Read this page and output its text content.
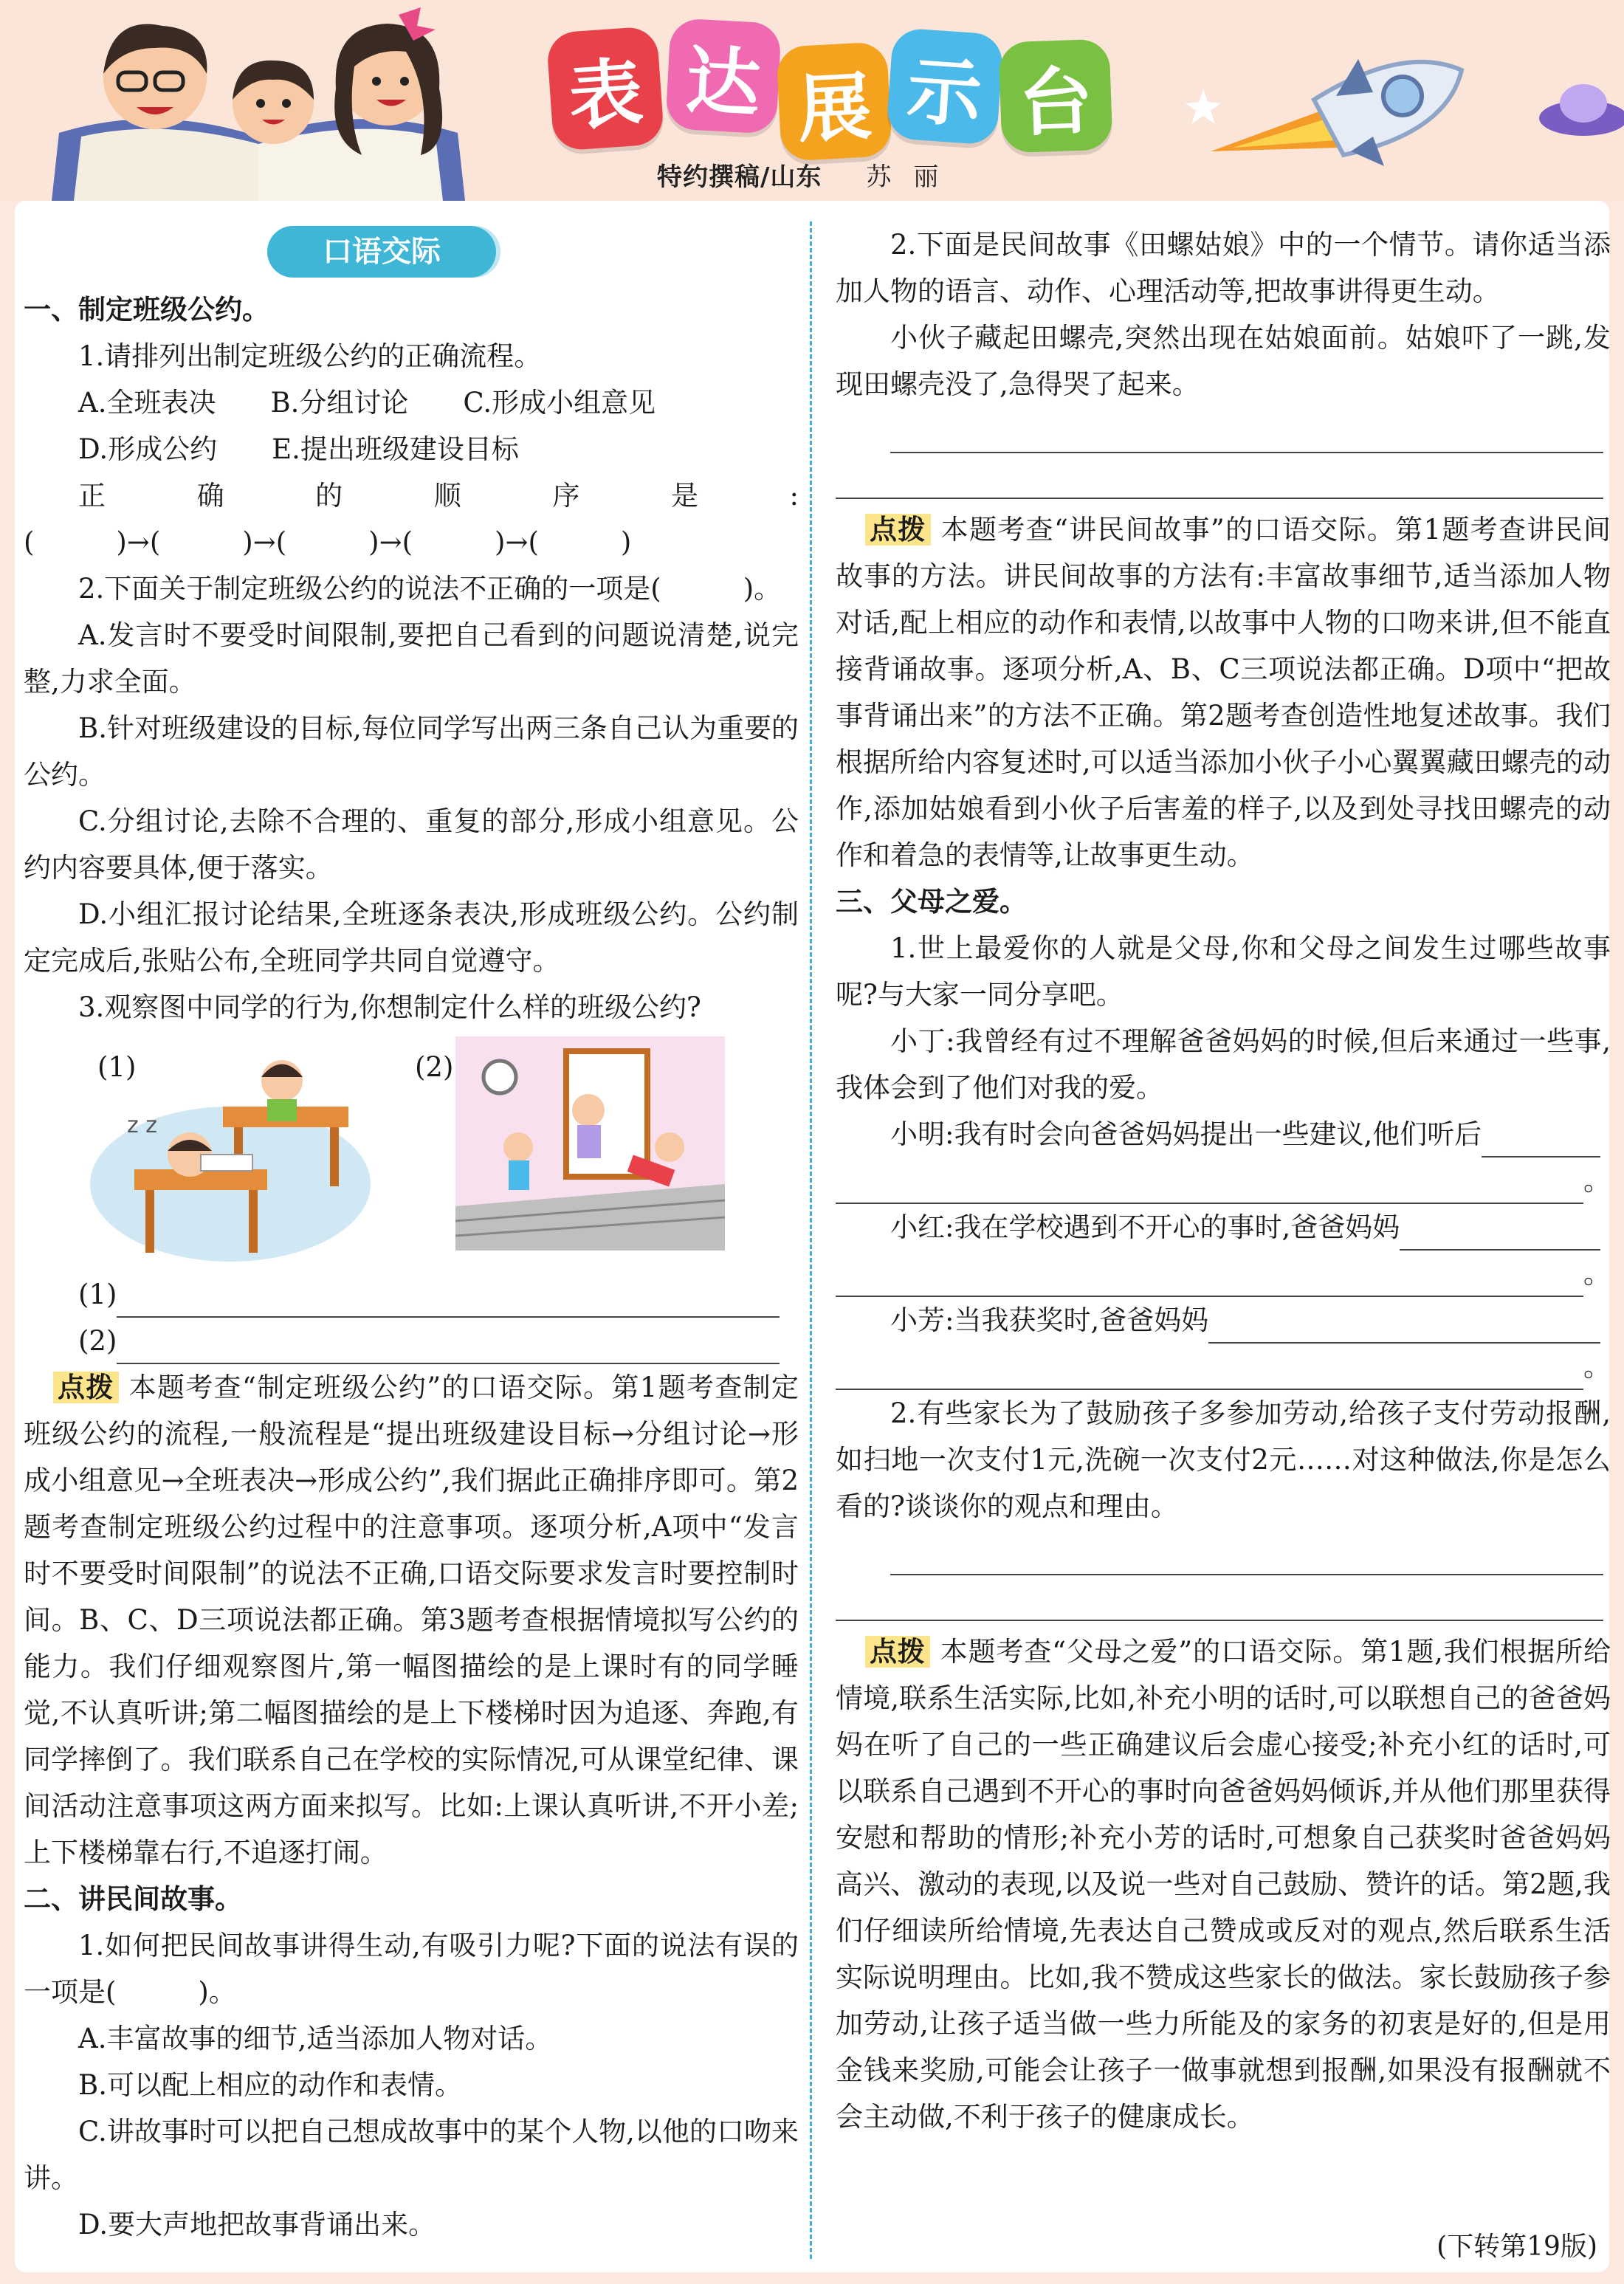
表 达 展 示 台
特约撰稿/山东 苏丽
口语交际

一、制定班级公约。

1.请排列出制定班级公约的正确流程。

A.全班表决　　B.分组讨论　　C.形成小组意见

D.形成公约　　E.提出班级建设目标

正确的顺序是:(　　　)→(　　　)→(　　　)→(　　　)→(　　　)

2.下面关于制定班级公约的说法不正确的一项是(　　　)。

A.发言时不要受时间限制,要把自己看到的问题说清楚,说完整,力求全面。

B.针对班级建设的目标,每位同学写出两三条自己认为重要的公约。

C.分组讨论,去除不合理的、重复的部分,形成小组意见。公约内容要具体,便于落实。

D.小组汇报讨论结果,全班逐条表决,形成班级公约。公约制定完成后,张贴公布,全班同学共同自觉遵守。

3.观察图中同学的行为,你想制定什么样的班级公约?

(1)
z z
(2)
(1)
(2)

点拨 本题考查“制定班级公约”的口语交际。第1题考查制定班级公约的流程,一般流程是“提出班级建设目标→分组讨论→形成小组意见→全班表决→形成公约”,我们据此正确排序即可。第2题考查制定班级公约过程中的注意事项。逐项分析,A项中“发言时不要受时间限制”的说法不正确,口语交际要求发言时要控制时间。B、C、D三项说法都正确。第3题考查根据情境拟写公约的能力。我们仔细观察图片,第一幅图描绘的是上课时有的同学睡觉,不认真听讲;第二幅图描绘的是上下楼梯时因为追逐、奔跑,有同学摔倒了。我们联系自己在学校的实际情况,可从课堂纪律、课间活动注意事项这两方面来拟写。比如:上课认真听讲,不开小差;上下楼梯靠右行,不追逐打闹。

二、讲民间故事。

1.如何把民间故事讲得生动,有吸引力呢?下面的说法有误的一项是(　　　)。

A.丰富故事的细节,适当添加人物对话。

B.可以配上相应的动作和表情。

C.讲故事时可以把自己想成故事中的某个人物,以他的口吻来讲。

D.要大声地把故事背诵出来。

2.下面是民间故事《田螺姑娘》中的一个情节。请你适当添加人物的语言、动作、心理活动等,把故事讲得更生动。

小伙子藏起田螺壳,突然出现在姑娘面前。姑娘吓了一跳,发现田螺壳没了,急得哭了起来。

点拨 本题考查“讲民间故事”的口语交际。第1题考查讲民间故事的方法。讲民间故事的方法有:丰富故事细节,适当添加人物对话,配上相应的动作和表情,以故事中人物的口吻来讲,但不能直接背诵故事。逐项分析,A、B、C三项说法都正确。D项中“把故事背诵出来”的方法不正确。第2题考查创造性地复述故事。我们根据所给内容复述时,可以适当添加小伙子小心翼翼藏田螺壳的动作,添加姑娘看到小伙子后害羞的样子,以及到处寻找田螺壳的动作和着急的表情等,让故事更生动。

三、父母之爱。

1.世上最爱你的人就是父母,你和父母之间发生过哪些故事呢?与大家一同分享吧。

小丁:我曾经有过不理解爸爸妈妈的时候,但后来通过一些事,我体会到了他们对我的爱。

小明:我有时会向爸爸妈妈提出一些建议,他们听后
。
小红:我在学校遇到不开心的事时,爸爸妈妈
。
小芳:当我获奖时,爸爸妈妈
。

2.有些家长为了鼓励孩子多参加劳动,给孩子支付劳动报酬,如扫地一次支付1元,洗碗一次支付2元……对这种做法,你是怎么看的?谈谈你的观点和理由。

点拨 本题考查“父母之爱”的口语交际。第1题,我们根据所给情境,联系生活实际,比如,补充小明的话时,可以联想自己的爸爸妈妈在听了自己的一些正确建议后会虚心接受;补充小红的话时,可以联系自己遇到不开心的事时向爸爸妈妈倾诉,并从他们那里获得安慰和帮助的情形;补充小芳的话时,可想象自己获奖时爸爸妈妈高兴、激动的表现,以及说一些对自己鼓励、赞许的话。第2题,我们仔细读所给情境,先表达自己赞成或反对的观点,然后联系生活实际说明理由。比如,我不赞成这些家长的做法。家长鼓励孩子参加劳动,让孩子适当做一些力所能及的家务的初衷是好的,但是用金钱来奖励,可能会让孩子一做事就想到报酬,如果没有报酬就不会主动做,不利于孩子的健康成长。

(下转第19版)
